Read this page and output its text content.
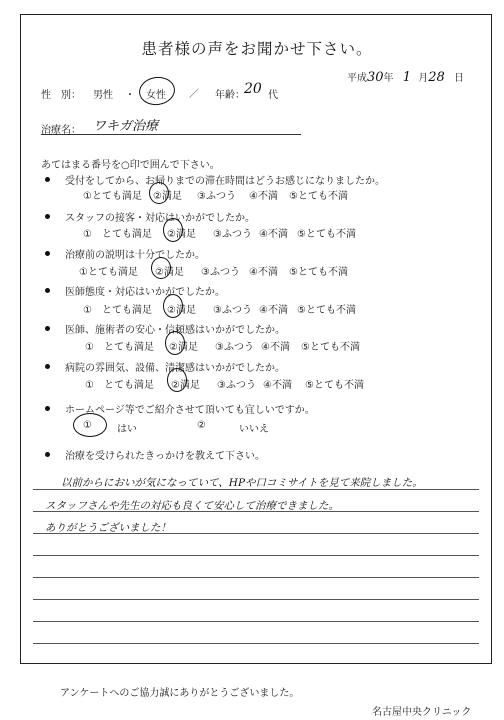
患者様の声をお聞かせ下さい。
平成30年 1 月28 日
性　別： 男性 ・ 女性 ／ 年齢： 20 代
治療名： ワキガ治療
あてはまる番号を○印で囲んで下さい。
受付をしてから、お帰りまでの滞在時間はどうお感じになりましたか。
①とても満足 ②満足 ③ふつう ④不満 ⑤とても不満
スタッフの接客・対応はいかがでしたか。
①　とても満足 ②満足 ③ふつう ④不満 ⑤とても不満
治療前の説明は十分でしたか。
①とても満足 ②満足 ③ふつう ④不満 ⑤とても不満
医師態度・対応はいかがでしたか。
①　とても満足 ②満足 ③ふつう ④不満 ⑤とても不満
医師、施術者の安心・信頼感はいかがでしたか。
①　とても満足 ②満足 ③ふつう ④不満 ⑤とても不満
病院の雰囲気、設備、清潔感はいかがでしたか。
①　とても満足 ②満足 ③ふつう ④不満 ⑤とても不満
ホームページ等でご紹介させて頂いても宜しいですか。
①	はい	②	いいえ
治療を受けられたきっかけを教えて下さい。
以前からにおいが気になっていて、HPや口コミサイトを見て来院しました。
スタッフさんや先生の対応も良くて安心して治療できました。
ありがとうございました！
アンケートへのご協力誠にありがとうございました。
名古屋中央クリニック
